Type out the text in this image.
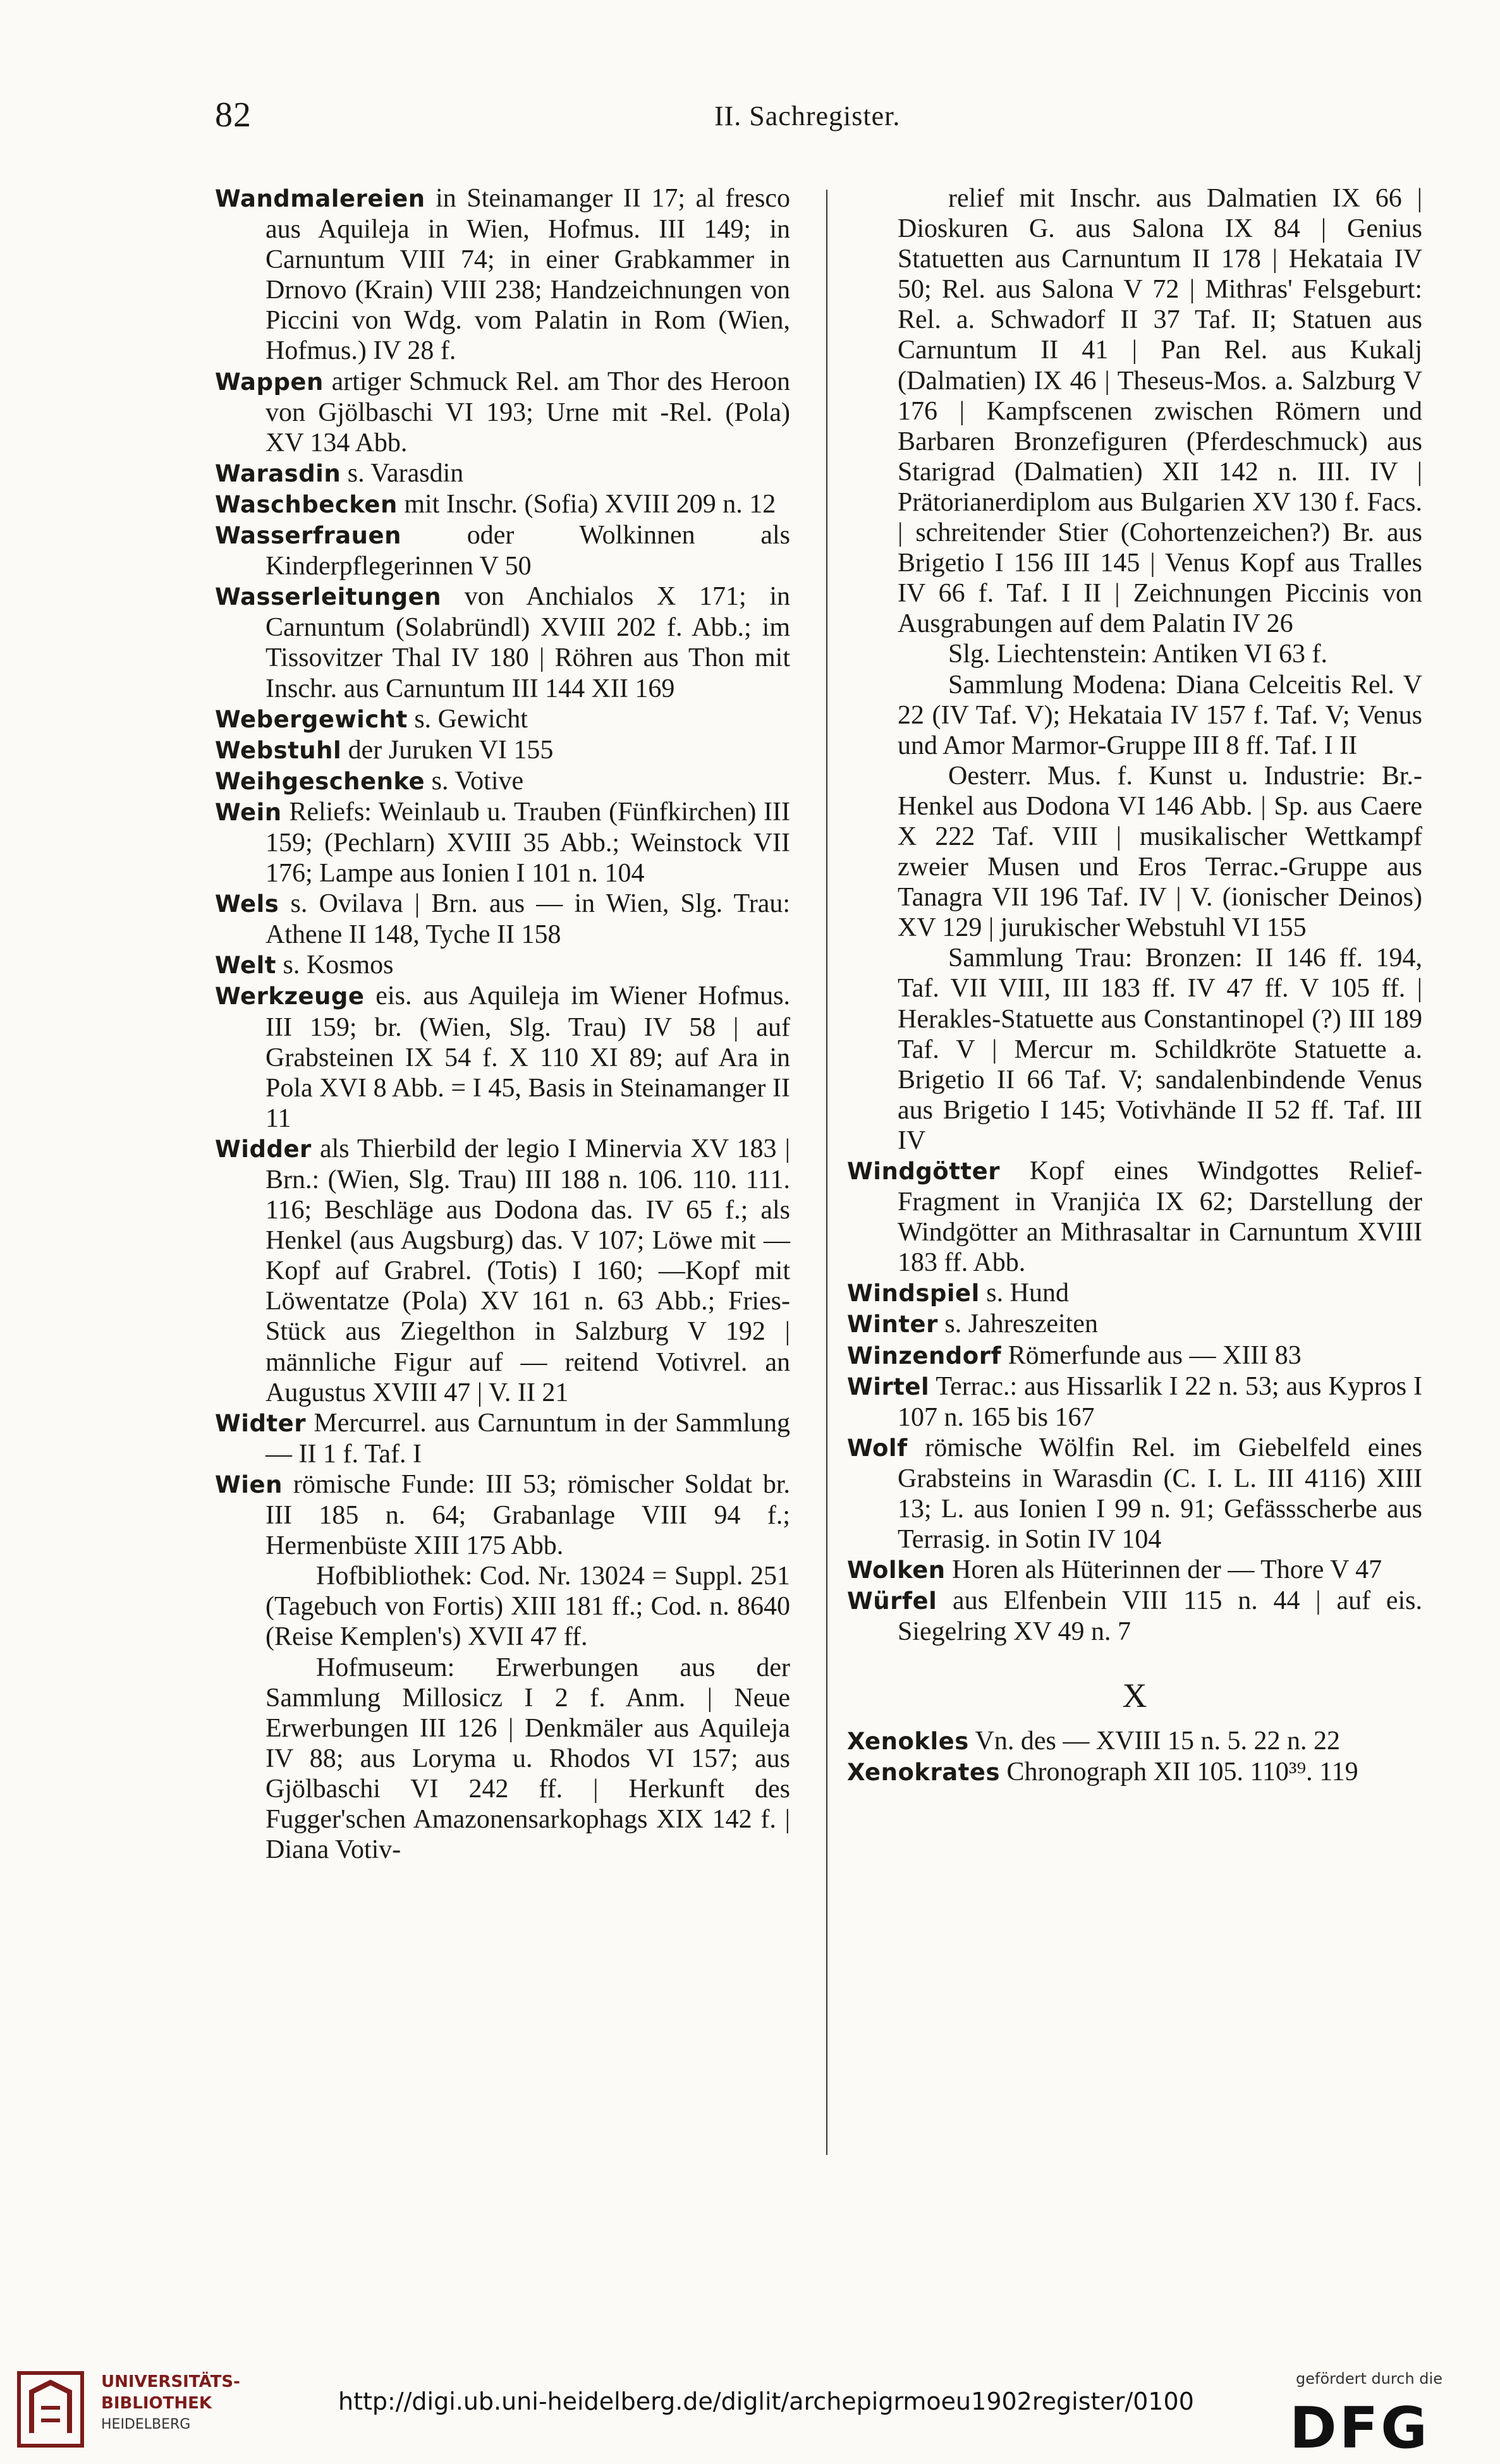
82	II. Sachregister.

Wandmalereien in Steinamanger II 17; al fresco aus Aquileja in Wien, Hofmus. III 149; in Carnuntum VIII 74; in einer Grabkammer in Drnovo (Krain) VIII 238; Handzeichnungen von Piccini von Wdg. vom Palatin in Rom (Wien, Hofmus.) IV 28 f.

Wappen artiger Schmuck Rel. am Thor des Heroon von Gjölbaschi VI 193; Urne mit -Rel. (Pola) XV 134 Abb.

Warasdin s. Varasdin

Waschbecken mit Inschr. (Sofia) XVIII 209 n. 12

Wasserfrauen oder Wolkinnen als Kinderpflegerinnen V 50

Wasserleitungen von Anchialos X 171; in Carnuntum (Solabründl) XVIII 202 f. Abb.; im Tissovitzer Thal IV 180 | Röhren aus Thon mit Inschr. aus Carnuntum III 144 XII 169

Webergewicht s. Gewicht

Webstuhl der Juruken VI 155

Weihgeschenke s. Votive

Wein Reliefs: Weinlaub u. Trauben (Fünfkirchen) III 159; (Pechlarn) XVIII 35 Abb.; Weinstock VII 176; Lampe aus Ionien I 101 n. 104

Wels s. Ovilava | Brn. aus — in Wien, Slg. Trau: Athene II 148, Tyche II 158

Welt s. Kosmos

Werkzeuge eis. aus Aquileja im Wiener Hofmus. III 159; br. (Wien, Slg. Trau) IV 58 | auf Grabsteinen IX 54 f. X 110 XI 89; auf Ara in Pola XVI 8 Abb. = I 45, Basis in Steinamanger II 11

Widder als Thierbild der legio I Minervia XV 183 | Brn.: (Wien, Slg. Trau) III 188 n. 106. 110. 111. 116; Beschläge aus Dodona das. IV 65 f.; als Henkel (aus Augsburg) das. V 107; Löwe mit —Kopf auf Grabrel. (Totis) I 160; —Kopf mit Löwentatze (Pola) XV 161 n. 63 Abb.; Fries-Stück aus Ziegelthon in Salzburg V 192 | männliche Figur auf — reitend Votivrel. an Augustus XVIII 47 | V. II 21

Widter Mercurrel. aus Carnuntum in der Sammlung — II 1 f. Taf. I

Wien römische Funde: III 53; römischer Soldat br. III 185 n. 64; Grabanlage VIII 94 f.; Hermenbüste XIII 175 Abb.

Hofbibliothek: Cod. Nr. 13024 = Suppl. 251 (Tagebuch von Fortis) XIII 181 ff.; Cod. n. 8640 (Reise Kemplen's) XVII 47 ff.

Hofmuseum: Erwerbungen aus der Sammlung Millosicz I 2 f. Anm. | Neue Erwerbungen III 126 | Denkmäler aus Aquileja IV 88; aus Loryma u. Rhodos VI 157; aus Gjölbaschi VI 242 ff. | Herkunft des Fugger'schen Amazonensarkophags XIX 142 f. | Diana Votiv-

relief mit Inschr. aus Dalmatien IX 66 | Dioskuren G. aus Salona IX 84 | Genius Statuetten aus Carnuntum II 178 | Hekataia IV 50; Rel. aus Salona V 72 | Mithras' Felsgeburt: Rel. a. Schwadorf II 37 Taf. II; Statuen aus Carnuntum II 41 | Pan Rel. aus Kukalj (Dalmatien) IX 46 | Theseus-Mos. a. Salzburg V 176 | Kampfscenen zwischen Römern und Barbaren Bronzefiguren (Pferdeschmuck) aus Starigrad (Dalmatien) XII 142 n. III. IV | Prätorianerdiplom aus Bulgarien XV 130 f. Facs. | schreitender Stier (Cohortenzeichen?) Br. aus Brigetio I 156 III 145 | Venus Kopf aus Tralles IV 66 f. Taf. I II | Zeichnungen Piccinis von Ausgrabungen auf dem Palatin IV 26

Slg. Liechtenstein: Antiken VI 63 f.

Sammlung Modena: Diana Celceitis Rel. V 22 (IV Taf. V); Hekataia IV 157 f. Taf. V; Venus und Amor Marmor-Gruppe III 8 ff. Taf. I II

Oesterr. Mus. f. Kunst u. Industrie: Br.-Henkel aus Dodona VI 146 Abb. | Sp. aus Caere X 222 Taf. VIII | musikalischer Wettkampf zweier Musen und Eros Terrac.-Gruppe aus Tanagra VII 196 Taf. IV | V. (ionischer Deinos) XV 129 | jurukischer Webstuhl VI 155

Sammlung Trau: Bronzen: II 146 ff. 194, Taf. VII VIII, III 183 ff. IV 47 ff. V 105 ff. | Herakles-Statuette aus Constantinopel (?) III 189 Taf. V | Mercur m. Schildkröte Statuette a. Brigetio II 66 Taf. V; sandalenbindende Venus aus Brigetio I 145; Votivhände II 52 ff. Taf. III IV

Windgötter Kopf eines Windgottes Relief-Fragment in Vranjiċa IX 62; Darstellung der Windgötter an Mithrasaltar in Carnuntum XVIII 183 ff. Abb.

Windspiel s. Hund

Winter s. Jahreszeiten

Winzendorf Römerfunde aus — XIII 83

Wirtel Terrac.: aus Hissarlik I 22 n. 53; aus Kypros I 107 n. 165 bis 167

Wolf römische Wölfin Rel. im Giebelfeld eines Grabsteins in Warasdin (C. I. L. III 4116) XIII 13; L. aus Ionien I 99 n. 91; Gefässscherbe aus Terrasig. in Sotin IV 104

Wolken Horen als Hüterinnen der — Thore V 47

Würfel aus Elfenbein VIII 115 n. 44 | auf eis. Siegelring XV 49 n. 7

X

Xenokles Vn. des — XVIII 15 n. 5. 22 n. 22

Xenokrates Chronograph XII 105. 110³⁹. 119

UNIVERSITÄTS-
BIBLIOTHEK
HEIDELBERG
http://digi.ub.uni-heidelberg.de/diglit/archepigrmoeu1902register/0100
gefördert durch die
DFG
